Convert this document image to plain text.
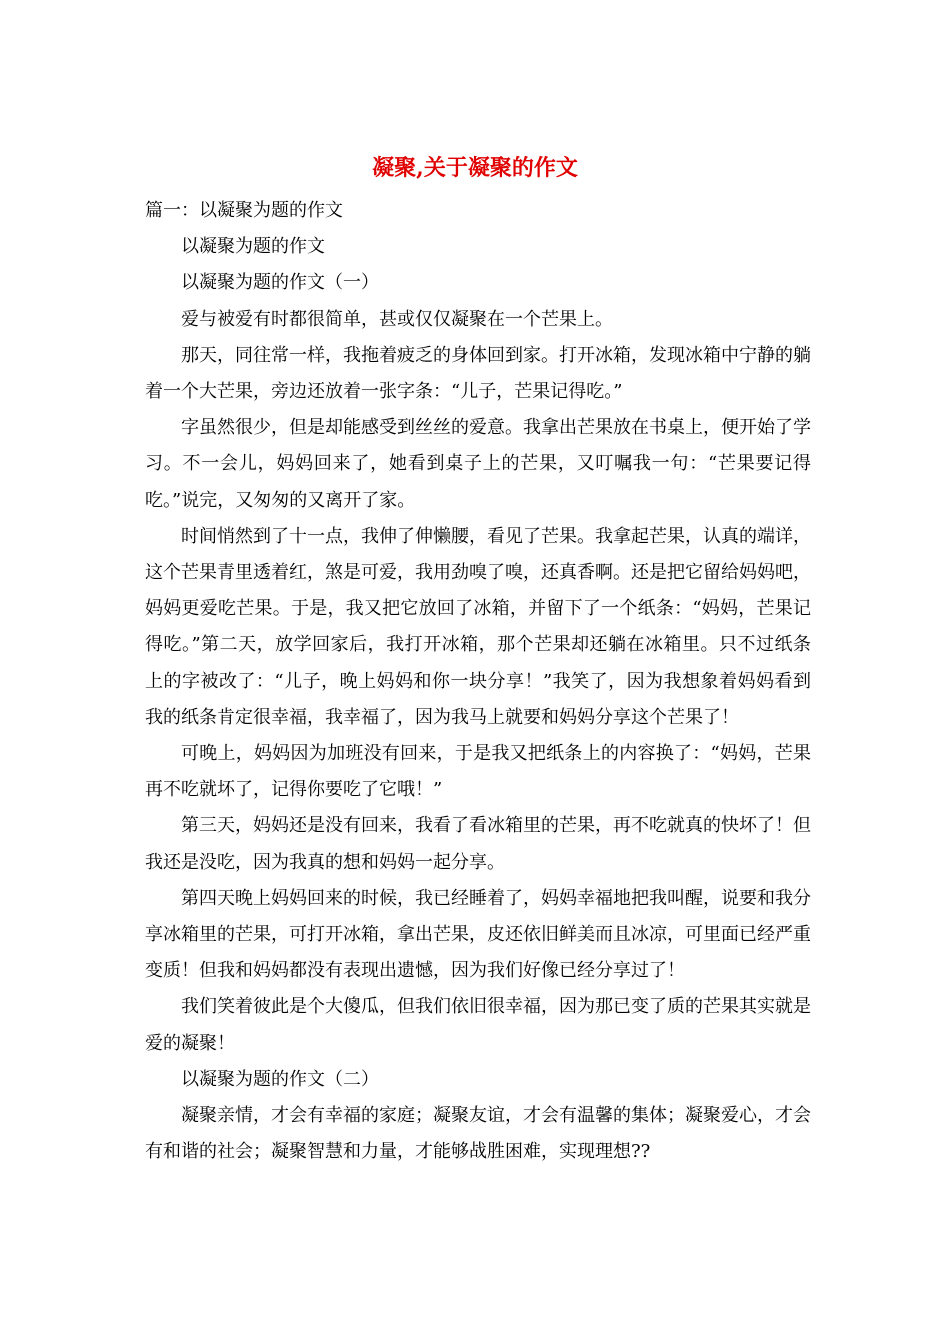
凝聚,关于凝聚的作文

篇一：以凝聚为题的作文

以凝聚为题的作文

以凝聚为题的作文（一）

爱与被爱有时都很简单，甚或仅仅凝聚在一个芒果上。

那天，同往常一样，我拖着疲乏的身体回到家。打开冰箱，发现冰箱中宁静的躺着一个大芒果，旁边还放着一张字条：“儿子，芒果记得吃。”

字虽然很少，但是却能感受到丝丝的爱意。我拿出芒果放在书桌上，便开始了学习。不一会儿，妈妈回来了，她看到桌子上的芒果，又叮嘱我一句：“芒果要记得吃。”说完，又匆匆的又离开了家。

时间悄然到了十一点，我伸了伸懒腰，看见了芒果。我拿起芒果，认真的端详，这个芒果青里透着红，煞是可爱，我用劲嗅了嗅，还真香啊。还是把它留给妈妈吧，妈妈更爱吃芒果。于是，我又把它放回了冰箱，并留下了一个纸条：“妈妈，芒果记得吃。”第二天，放学回家后，我打开冰箱，那个芒果却还躺在冰箱里。只不过纸条上的字被改了：“儿子，晚上妈妈和你一块分享！”我笑了，因为我想象着妈妈看到我的纸条肯定很幸福，我幸福了，因为我马上就要和妈妈分享这个芒果了！

可晚上，妈妈因为加班没有回来，于是我又把纸条上的内容换了：“妈妈，芒果再不吃就坏了，记得你要吃了它哦！”

第三天，妈妈还是没有回来，我看了看冰箱里的芒果，再不吃就真的快坏了！但我还是没吃，因为我真的想和妈妈一起分享。

第四天晚上妈妈回来的时候，我已经睡着了，妈妈幸福地把我叫醒，说要和我分享冰箱里的芒果，可打开冰箱，拿出芒果，皮还依旧鲜美而且冰凉，可里面已经严重变质！但我和妈妈都没有表现出遗憾，因为我们好像已经分享过了！

我们笑着彼此是个大傻瓜，但我们依旧很幸福，因为那已变了质的芒果其实就是爱的凝聚！

以凝聚为题的作文（二）

凝聚亲情，才会有幸福的家庭；凝聚友谊，才会有温馨的集体；凝聚爱心，才会有和谐的社会；凝聚智慧和力量，才能够战胜困难，实现理想??
